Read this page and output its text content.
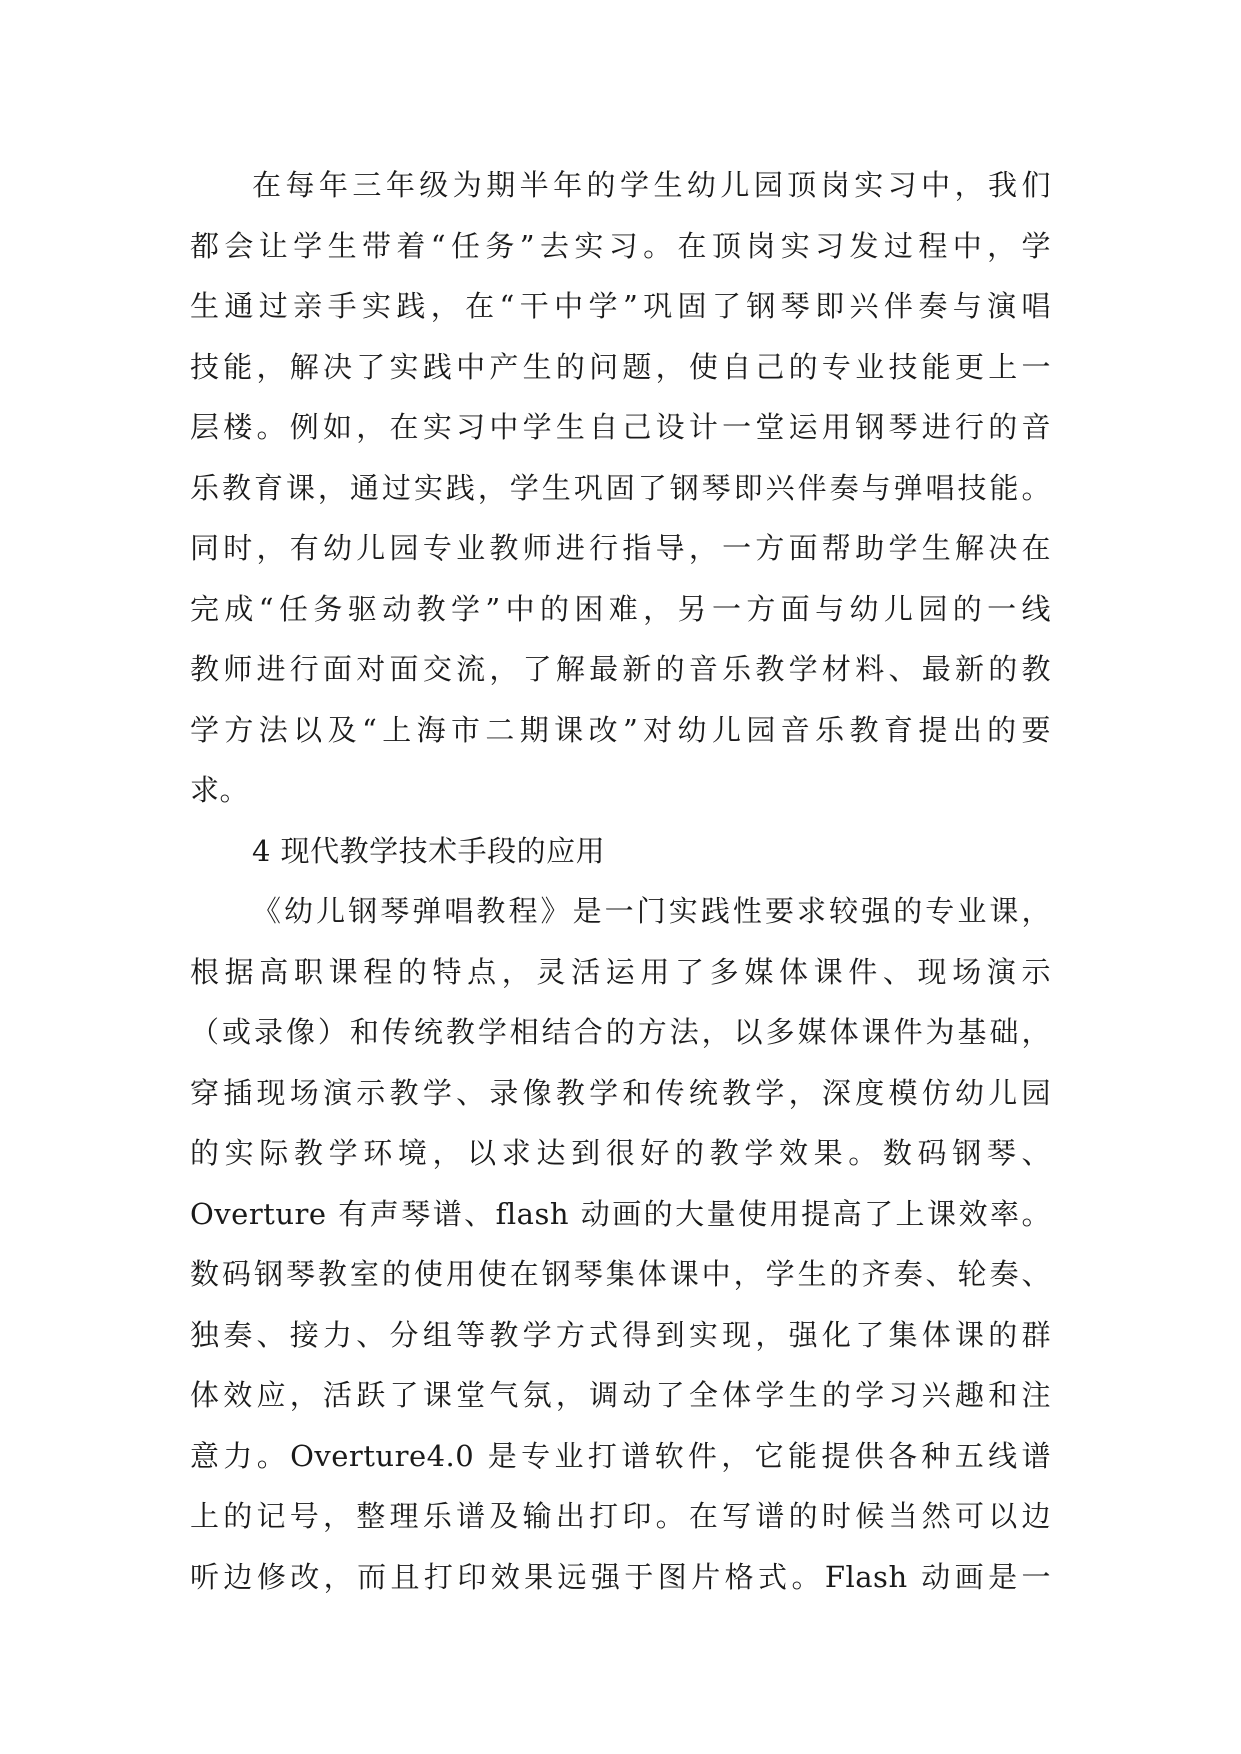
在每年三年级为期半年的学生幼儿园顶岗实习中，我们
都会让学生带着“任务”去实习。在顶岗实习发过程中，学
生通过亲手实践，在“干中学”巩固了钢琴即兴伴奏与演唱
技能，解决了实践中产生的问题，使自己的专业技能更上一
层楼。例如，在实习中学生自己设计一堂运用钢琴进行的音
乐教育课，通过实践，学生巩固了钢琴即兴伴奏与弹唱技能。
同时，有幼儿园专业教师进行指导，一方面帮助学生解决在
完成“任务驱动教学”中的困难，另一方面与幼儿园的一线
教师进行面对面交流，了解最新的音乐教学材料、最新的教
学方法以及“上海市二期课改”对幼儿园音乐教育提出的要
求。
4 现代教学技术手段的应用
《幼儿钢琴弹唱教程》是一门实践性要求较强的专业课，
根据高职课程的特点，灵活运用了多媒体课件、现场演示
（或录像）和传统教学相结合的方法，以多媒体课件为基础，
穿插现场演示教学、录像教学和传统教学，深度模仿幼儿园
的实际教学环境，以求达到很好的教学效果。数码钢琴、
Overture 有声琴谱、flash 动画的大量使用提高了上课效率。
数码钢琴教室的使用使在钢琴集体课中，学生的齐奏、轮奏、
独奏、接力、分组等教学方式得到实现，强化了集体课的群
体效应，活跃了课堂气氛，调动了全体学生的学习兴趣和注
意力。Overture4.0 是专业打谱软件，它能提供各种五线谱
上的记号，整理乐谱及输出打印。在写谱的时候当然可以边
听边修改，而且打印效果远强于图片格式。Flash 动画是一
